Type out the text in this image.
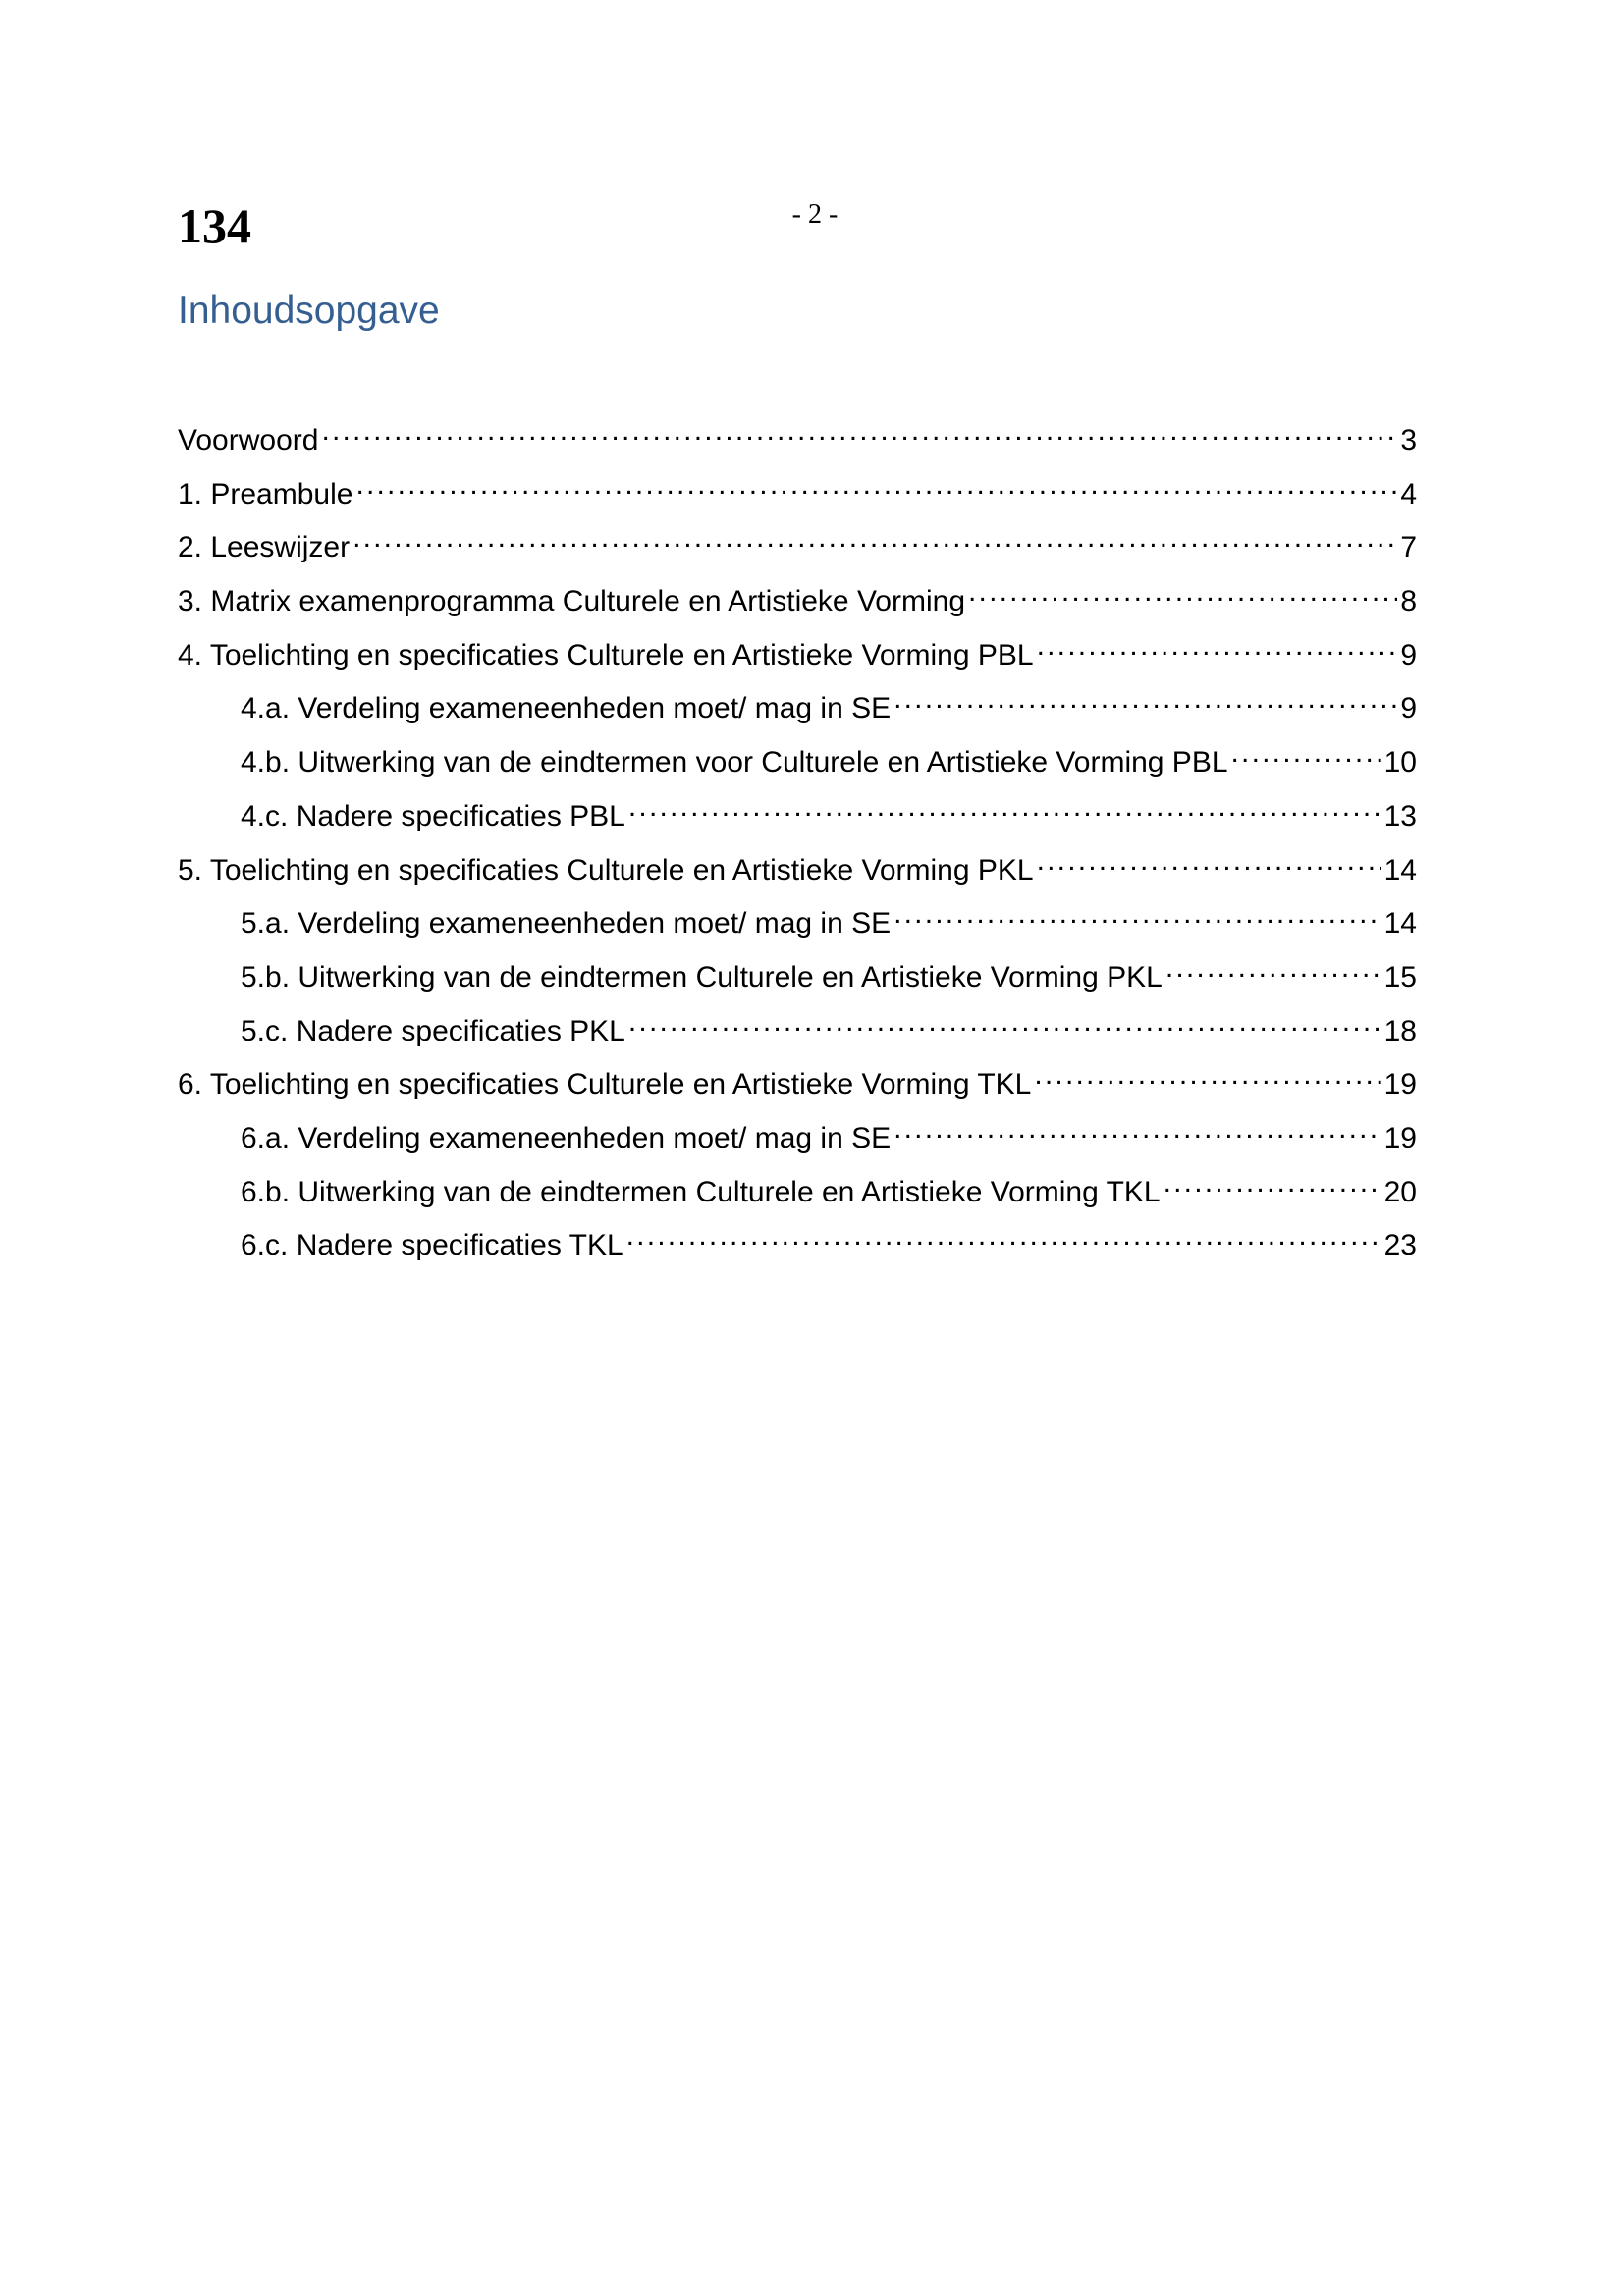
134	- 2 -
Inhoudsopgave
Voorwoord .....	3
1. Preambule .....	4
2. Leeswijzer .....	7
3. Matrix examenprogramma Culturele en Artistieke Vorming .....	8
4. Toelichting en specificaties Culturele en Artistieke Vorming PBL .....	9
4.a. Verdeling exameneenheden moet/ mag in SE .....	9
4.b. Uitwerking van de eindtermen voor Culturele en Artistieke Vorming PBL .....	10
4.c. Nadere specificaties PBL .....	13
5. Toelichting en specificaties Culturele en Artistieke Vorming PKL .....	14
5.a. Verdeling exameneenheden moet/ mag in SE .....	14
5.b. Uitwerking van de eindtermen Culturele en Artistieke Vorming PKL .....	15
5.c. Nadere specificaties PKL .....	18
6. Toelichting en specificaties Culturele en Artistieke Vorming TKL .....	19
6.a. Verdeling exameneenheden moet/ mag in SE .....	19
6.b. Uitwerking van de eindtermen Culturele en Artistieke Vorming TKL .....	20
6.c. Nadere specificaties TKL .....	23
